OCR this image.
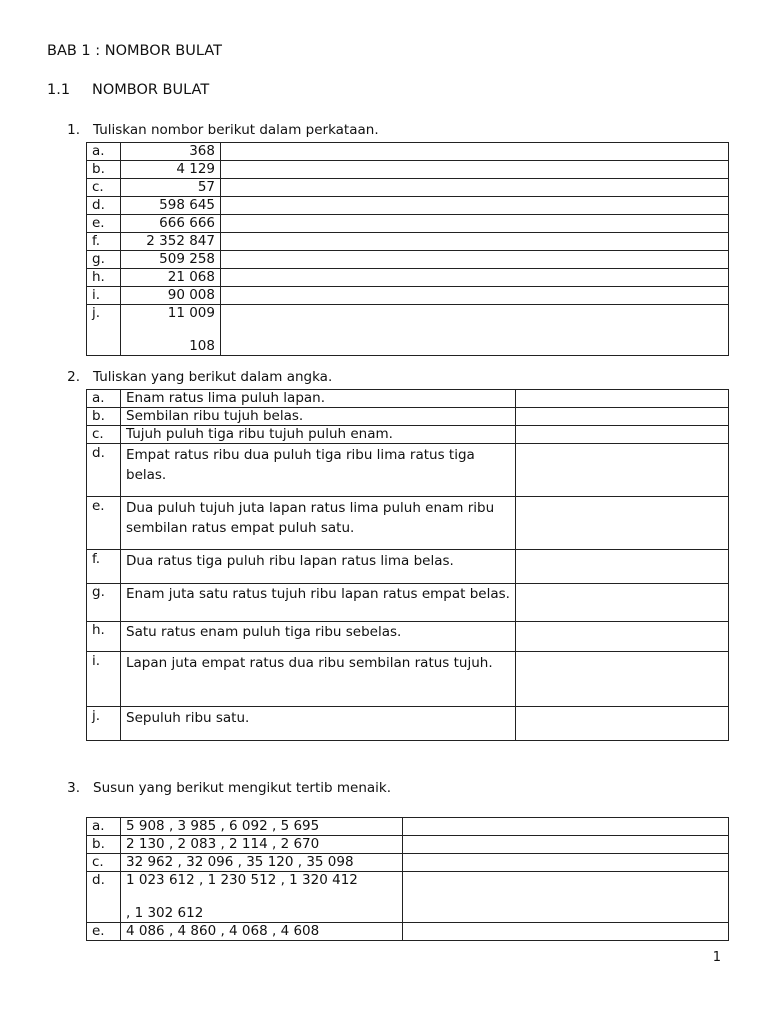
BAB 1 : NOMBOR BULAT
1.1 NOMBOR BULAT
1. Tuliskan nombor berikut dalam perkataan.
a.	368	
b.	4 129	
c.	57	
d.	598 645	
e.	666 666	
f.	2 352 847	
g.	509 258	
h.	21 068	
i.	90 008	
j.	11 009
108	

2. Tuliskan yang berikut dalam angka.
a.	Enam ratus lima puluh lapan.	
b.	Sembilan ribu tujuh belas.	
c.	Tujuh puluh tiga ribu tujuh puluh enam.	
d.	Empat ratus ribu dua puluh tiga ribu lima ratus tiga belas.	
e.	Dua puluh tujuh juta lapan ratus lima puluh enam ribu sembilan ratus empat puluh satu.	
f.	Dua ratus tiga puluh ribu lapan ratus lima belas.	
g.	Enam juta satu ratus tujuh ribu lapan ratus empat belas.	
h.	Satu ratus enam puluh tiga ribu sebelas.	
i.	Lapan juta empat ratus dua ribu sembilan ratus tujuh.	
j.	Sepuluh ribu satu.	
3. Susun yang berikut mengikut tertib menaik.
a.	5 908 , 3 985 , 6 092 , 5 695	
b.	2 130 , 2 083 , 2 114 , 2 670	
c.	32 962 , 32 096 , 35 120 , 35 098	
d.	1 023 612 , 1 230 512 , 1 320 412
, 1 302 612	

e.	4 086 , 4 860 , 4 068 , 4 608	
1
